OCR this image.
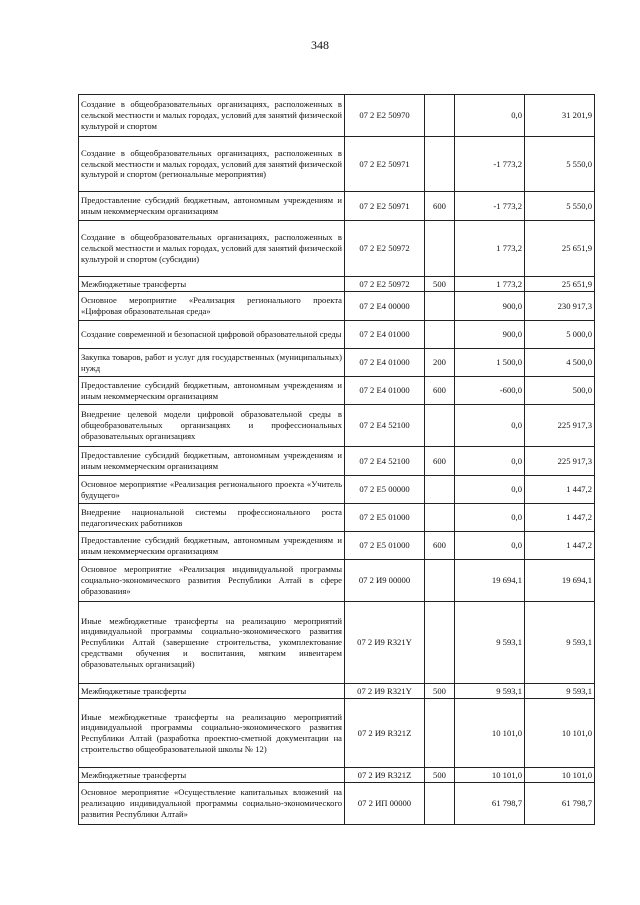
348
Создание в общеобразовательных организациях, расположенных в сельской местности и малых городах, условий для занятий физической культурой и спортом	07 2 E2 50970		0,0	31 201,9
Создание в общеобразовательных организациях, расположенных в сельской местности и малых городах, условий для занятий физической культурой и спортом (региональные мероприятия)	07 2 E2 50971		-1 773,2	5 550,0
Предоставление субсидий бюджетным, автономным учреждениям и иным некоммерческим организациям	07 2 E2 50971	600	-1 773,2	5 550,0
Создание в общеобразовательных организациях, расположенных в сельской местности и малых городах, условий для занятий физической культурой и спортом (субсидии)	07 2 E2 50972		1 773,2	25 651,9
Межбюджетные трансферты	07 2 E2 50972	500	1 773,2	25 651,9
Основное мероприятие «Реализация регионального проекта «Цифровая образовательная среда»	07 2 E4 00000		900,0	230 917,3
Создание современной и безопасной цифровой образовательной среды	07 2 E4 01000		900,0	5 000,0
Закупка товаров, работ и услуг для государственных (муниципальных) нужд	07 2 E4 01000	200	1 500,0	4 500,0
Предоставление субсидий бюджетным, автономным учреждениям и иным некоммерческим организациям	07 2 E4 01000	600	-600,0	500,0
Внедрение целевой модели цифровой образовательной среды в общеобразовательных организациях и профессиональных образовательных организациях	07 2 E4 52100		0,0	225 917,3
Предоставление субсидий бюджетным, автономным учреждениям и иным некоммерческим организациям	07 2 E4 52100	600	0,0	225 917,3
Основное мероприятие «Реализация регионального проекта «Учитель будущего»	07 2 E5 00000		0,0	1 447,2
Внедрение национальной системы профессионального роста педагогических работников	07 2 E5 01000		0,0	1 447,2
Предоставление субсидий бюджетным, автономным учреждениям и иным некоммерческим организациям	07 2 E5 01000	600	0,0	1 447,2
Основное мероприятие «Реализация индивидуальной программы социально-экономического развития Республики Алтай в сфере образования»	07 2 И9 00000		19 694,1	19 694,1
Иные межбюджетные трансферты на реализацию мероприятий индивидуальной программы социально-экономического развития Республики Алтай (завершение строительства, укомплектование средствами обучения и воспитания, мягким инвентарем образовательных организаций)	07 2 И9 R321Y		9 593,1	9 593,1
Межбюджетные трансферты	07 2 И9 R321Y	500	9 593,1	9 593,1
Иные межбюджетные трансферты на реализацию мероприятий индивидуальной программы социально-экономического развития Республики Алтай (разработка проектно-сметной документации на строительство общеобразовательной школы № 12)	07 2 И9 R321Z		10 101,0	10 101,0
Межбюджетные трансферты	07 2 И9 R321Z	500	10 101,0	10 101,0
Основное мероприятие «Осуществление капитальных вложений на реализацию индивидуальной программы социально-экономического развития Республики Алтай»	07 2 ИП 00000		61 798,7	61 798,7
